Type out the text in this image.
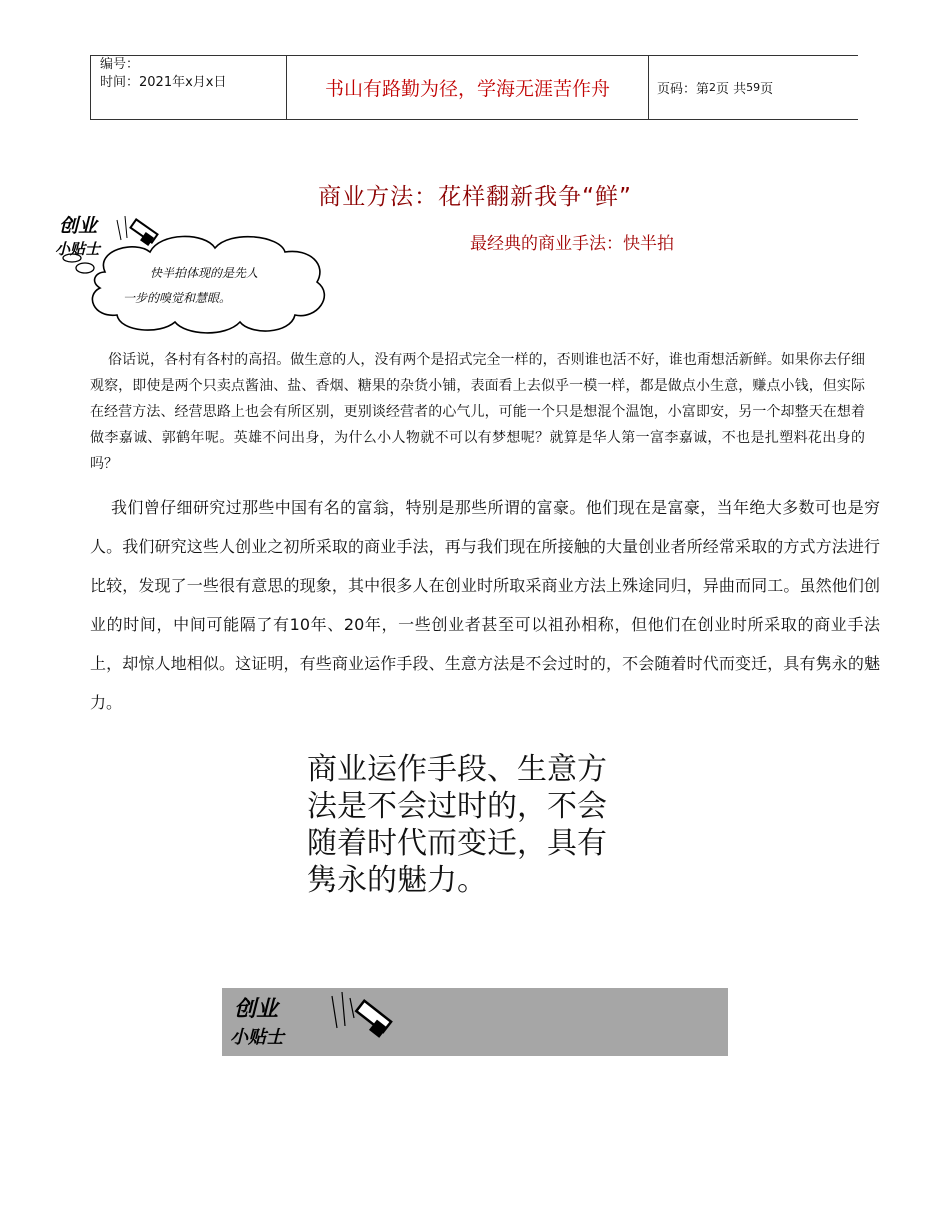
编号：
时间：2021年x月x日	书山有路勤为径，学海无涯苦作舟	页码：第 2 页 共 59 页
商业方法：花样翻新我争“鲜”
最经典的商业手法：快半拍
创业
小贴士
快半拍体现的是先人
一步的嗅觉和慧眼。

俗话说，各村有各村的高招。做生意的人，没有两个是招式完全一样的，否则谁也活不好，谁也甭想活新鲜。如果你去仔细观察，即使是两个只卖点酱油、盐、香烟、糖果的杂货小铺，表面看上去似乎一模一样，都是做点小生意，赚点小钱，但实际在经营方法、经营思路上也会有所区别，更别谈经营者的心气儿，可能一个只是想混个温饱，小富即安，另一个却整天在想着做李嘉诚、郭鹤年呢。英雄不问出身，为什么小人物就不可以有梦想呢？就算是华人第一富李嘉诚，不也是扎塑料花出身的吗？

我们曾仔细研究过那些中国有名的富翁，特别是那些所谓的富豪。他们现在是富豪，当年绝大多数可也是穷人。我们研究这些人创业之初所采取的商业手法，再与我们现在所接触的大量创业者所经常采取的方式方法进行比较，发现了一些很有意思的现象，其中很多人在创业时所取采商业方法上殊途同归，异曲而同工。虽然他们创业的时间，中间可能隔了有10年、20年，一些创业者甚至可以祖孙相称，但他们在创业时所采取的商业手法上，却惊人地相似。这证明，有些商业运作手段、生意方法是不会过时的，不会随着时代而变迁，具有隽永的魅力。

商业运作手段、生意方法是不会过时的，不会随着时代而变迁，具有隽永的魅力。

创业
小贴士
